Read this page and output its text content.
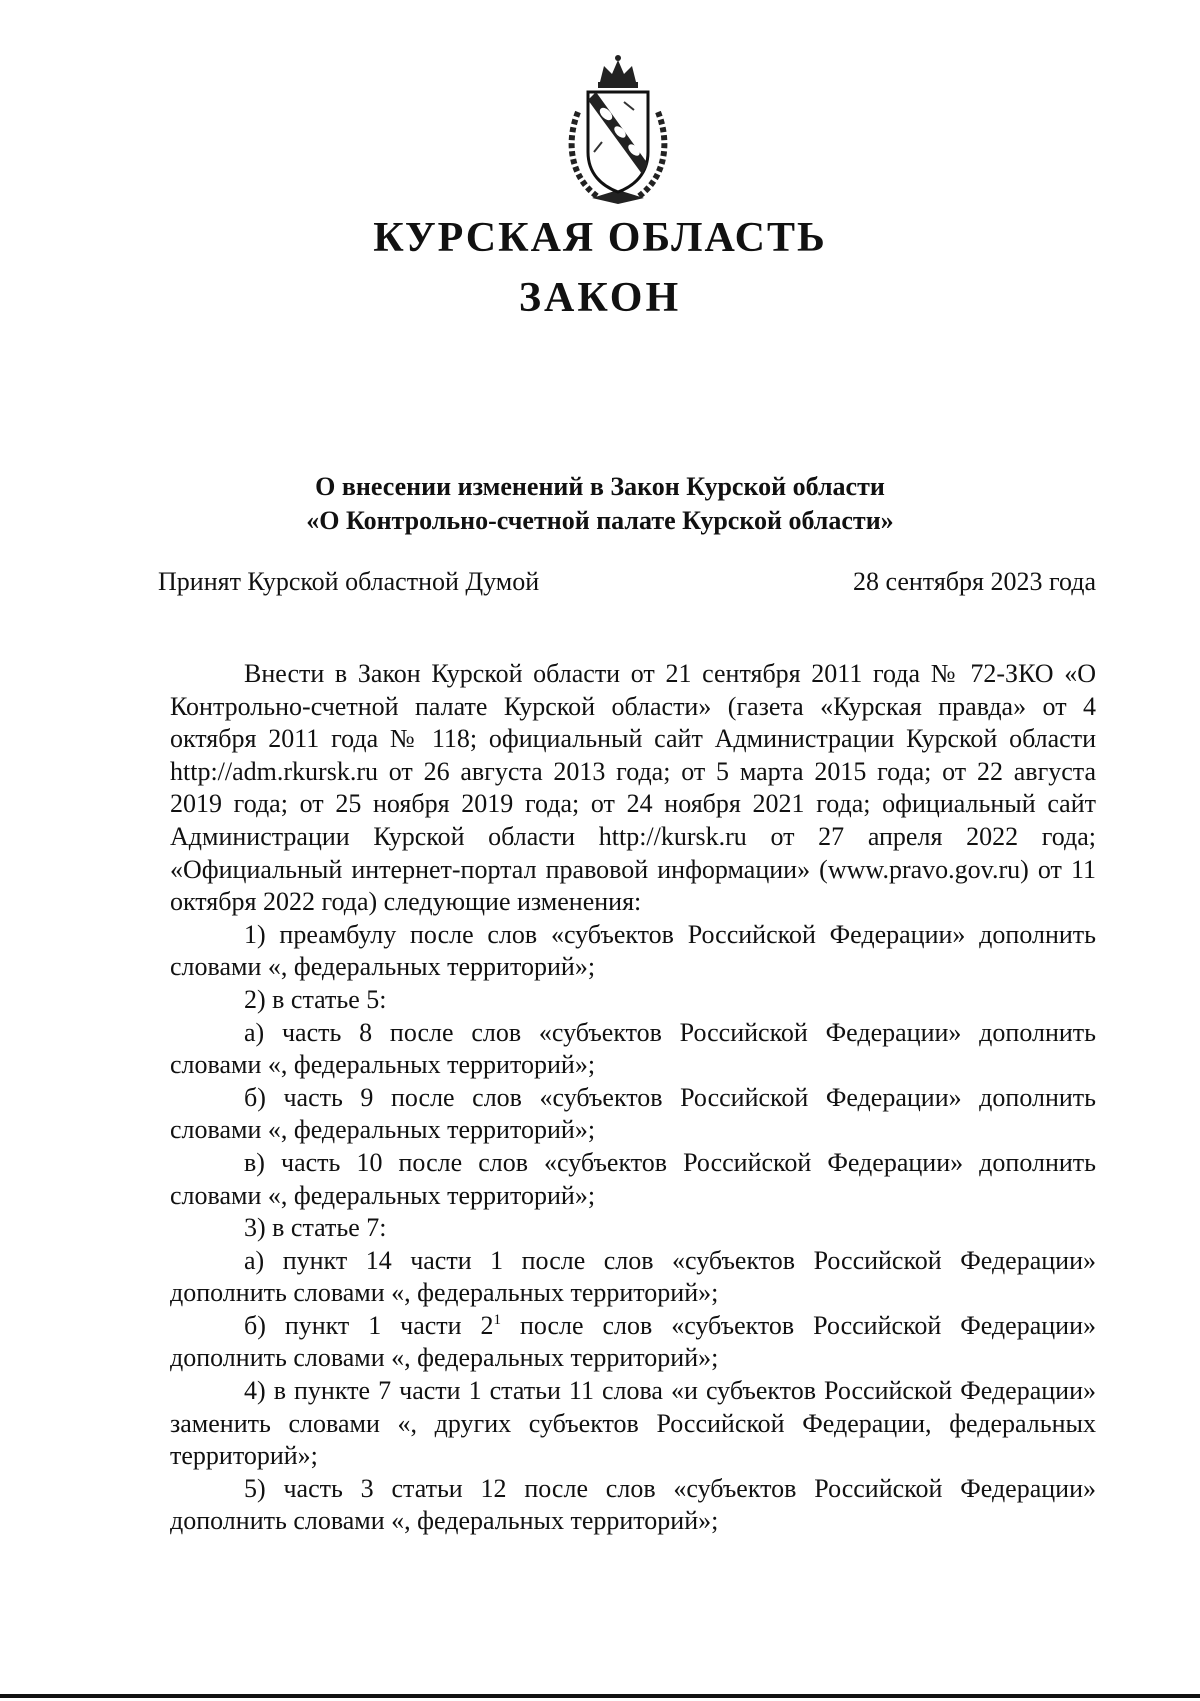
КУРСКАЯ ОБЛАСТЬ
ЗАКОН
О внесении изменений в Закон Курской области
«О Контрольно-счетной палате Курской области»
Принят Курской областной Думой	28 сентября 2023 года

Внести в Закон Курской области от 21 сентября 2011 года № 72-ЗКО «О Контрольно-счетной палате Курской области» (газета «Курская правда» от 4 октября 2011 года № 118; официальный сайт Администрации Курской области http://adm.rkursk.ru от 26 августа 2013 года; от 5 марта 2015 года; от 22 августа 2019 года; от 25 ноября 2019 года; от 24 ноября 2021 года; официальный сайт Администрации Курской области http://kursk.ru от 27 апреля 2022 года; «Официальный интернет-портал правовой информации» (www.pravo.gov.ru) от 11 октября 2022 года) следующие изменения:

1) преамбулу после слов «субъектов Российской Федерации» дополнить словами «, федеральных территорий»;

2) в статье 5:

а) часть 8 после слов «субъектов Российской Федерации» дополнить словами «, федеральных территорий»;

б) часть 9 после слов «субъектов Российской Федерации» дополнить словами «, федеральных территорий»;

в) часть 10 после слов «субъектов Российской Федерации» дополнить словами «, федеральных территорий»;

3) в статье 7:

а) пункт 14 части 1 после слов «субъектов Российской Федерации» дополнить словами «, федеральных территорий»;

б) пункт 1 части $2^1$ после слов «субъектов Российской Федерации» дополнить словами «, федеральных территорий»;

4) в пункте 7 части 1 статьи 11 слова «и субъектов Российской Федерации» заменить словами «, других субъектов Российской Федерации, федеральных территорий»;

5) часть 3 статьи 12 после слов «субъектов Российской Федерации» дополнить словами «, федеральных территорий»;
